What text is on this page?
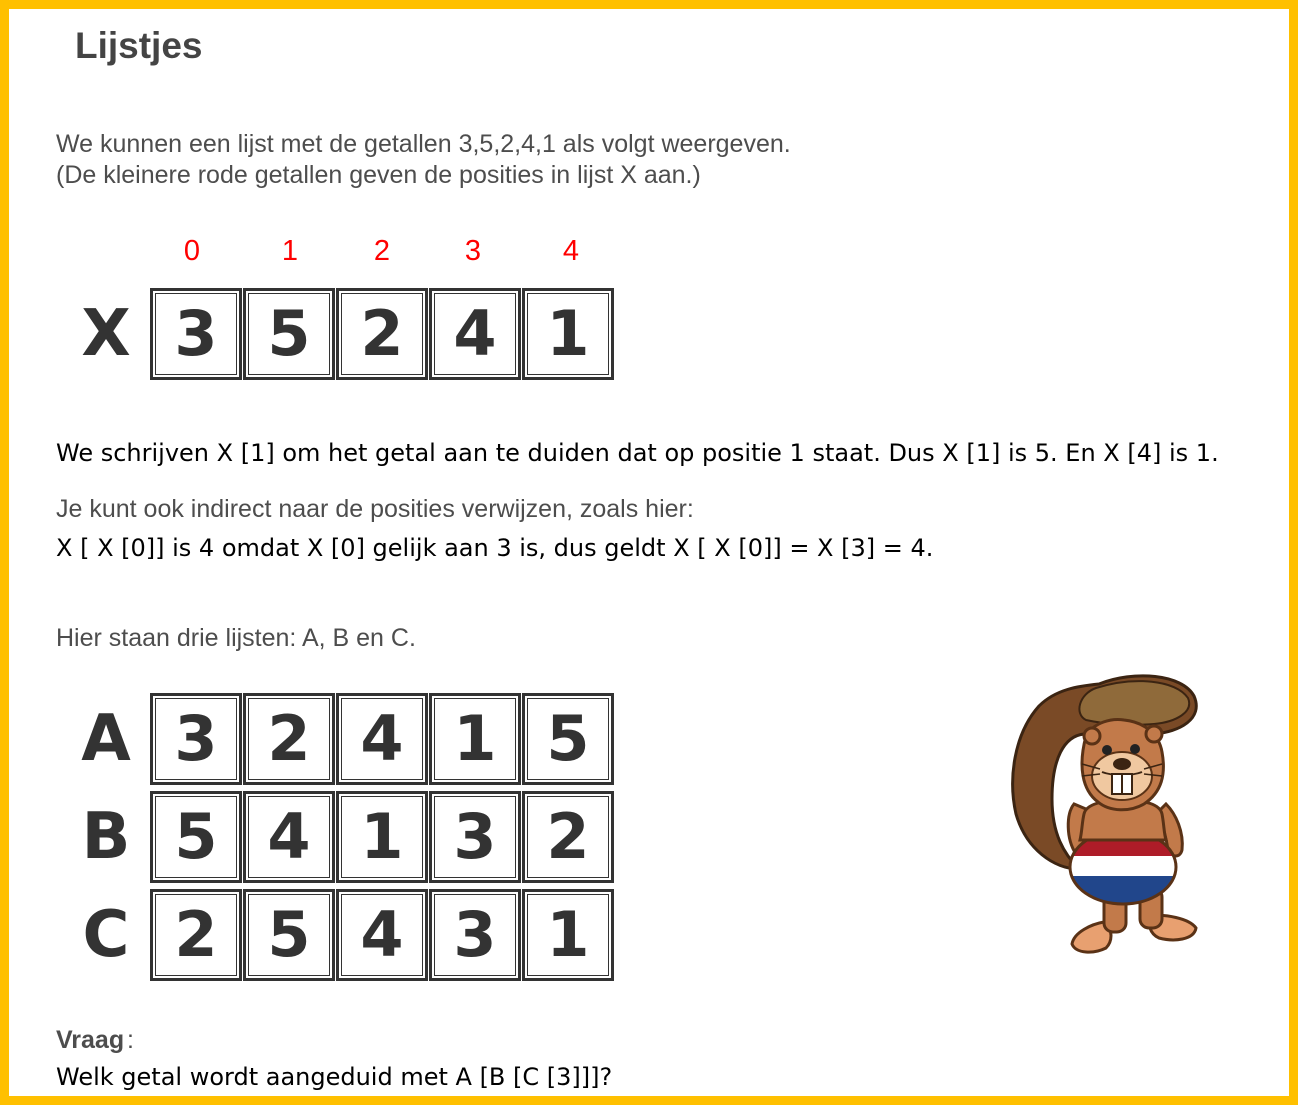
Lijstjes
We kunnen een lijst met de getallen 3,5,2,4,1 als volgt weergeven.
(De kleinere rode getallen geven de posities in lijst X aan.)
0	1	2	3	4
X 3 5 2 4 1
We schrijven X [1] om het getal aan te duiden dat op positie 1 staat. Dus X [1] is 5. En X [4] is 1.
Je kunt ook indirect naar de posities verwijzen, zoals hier:
X [ X [0]] is 4 omdat X [0] gelijk aan 3 is, dus geldt X [ X [0]] = X [3] = 4.
Hier staan drie lijsten: A, B en C.
A 3 2 4 1 5
B 5 4 1 3 2
C 2 5 4 3 1
Vraag :
Welk getal wordt aangeduid met A [B [C [3]]]?
